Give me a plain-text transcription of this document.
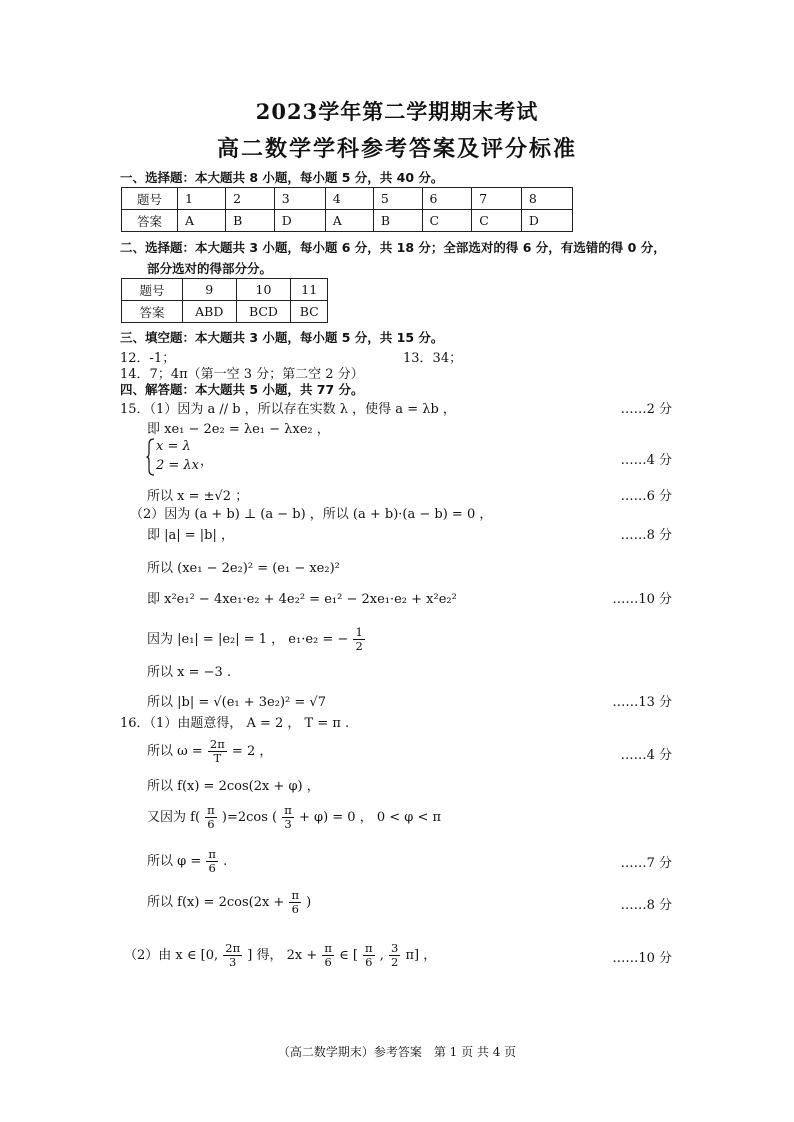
2023学年第二学期期末考试
高二数学学科参考答案及评分标准
一、选择题：本大题共 8 小题，每小题 5 分，共 40 分。
题号	1	2	3	4	5	6	7	8
答案	A	B	D	A	B	C	C	D
二、选择题：本大题共 3 小题，每小题 6 分，共 18 分；全部选对的得 6 分，有选错的得 0 分，
部分选对的得部分分。
题号	9	10	11
答案	ABD	BCD	BC
三、填空题：本大题共 3 小题，每小题 5 分，共 15 分。
12．-1；	13．34；
14．7；4π（第一空 3 分；第二空 2 分）
四、解答题：本大题共 5 小题，共 77 分。
15．（1）因为 a // b ，所以存在实数 λ ，使得 a = λb ，	……2 分
即 xe₁ − 2e₂ = λe₁ − λxe₂ ，
x = λ
2 = λx ，	……4 分
所以 x = ±√2 ；	……6 分
（2）因为 (a + b) ⊥ (a − b) ，所以 (a + b)·(a − b) = 0 ，
即 |a| = |b| ，	……8 分
所以 (xe₁ − 2e₂)² = (e₁ − xe₂)²
即 x²e₁² − 4xe₁·e₂ + 4e₂² = e₁² − 2xe₁·e₂ + x²e₂²	……10 分
因为 |e₁| = |e₂| = 1 ， e₁·e₂ = − $\frac{1}{2}$
所以 x = −3 .
所以 |b| = √(e₁ + 3e₂)² = √7	……13 分
16．（1）由题意得， A = 2 ， T = π .
所以 $\omega = \frac{2\pi}{T} = 2$ ，	……4 分
所以 f(x) = 2cos(2x + φ) ，
又因为 $f( \frac{\pi}{6} )=2\cos$ ( $\frac{\pi}{3} + \varphi) = 0$ ， 0 < φ < π
所以 $\varphi = \frac{\pi}{6}$ .	……7 分
所以 $f(x) = 2\cos(2x + \frac{\pi}{6}$ )	……8 分
（2）由 x ∈ [0, $\frac{2\pi}{3}$ ] 得， $2x + \frac{\pi}{6}$ ∈ [ $\frac{\pi}{6}$ , $\frac{3}{2} \pi$] ，	……10 分
（高二数学期末）参考答案　第 1 页 共 4 页
